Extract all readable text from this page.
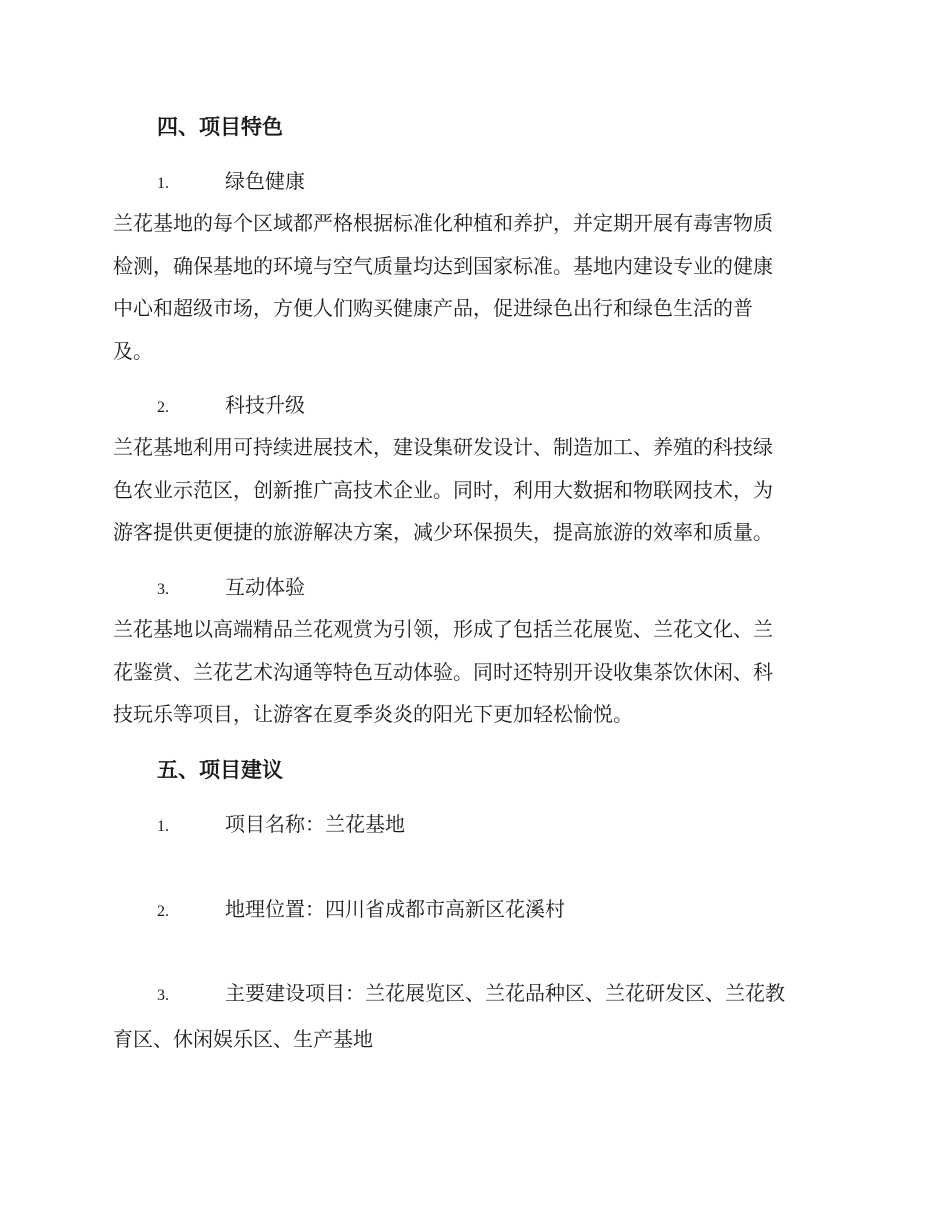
四、项目特色
1.	绿色健康
兰花基地的每个区域都严格根据标准化种植和养护，并定期开展有毒害物质
检测，确保基地的环境与空气质量均达到国家标准。基地内建设专业的健康
中心和超级市场，方便人们购买健康产品，促进绿色出行和绿色生活的普
及。
2.	科技升级
兰花基地利用可持续进展技术，建设集研发设计、制造加工、养殖的科技绿
色农业示范区，创新推广高技术企业。同时，利用大数据和物联网技术，为
游客提供更便捷的旅游解决方案，减少环保损失，提高旅游的效率和质量。
3.	互动体验
兰花基地以高端精品兰花观赏为引领，形成了包括兰花展览、兰花文化、兰
花鉴赏、兰花艺术沟通等特色互动体验。同时还特别开设收集茶饮休闲、科
技玩乐等项目，让游客在夏季炎炎的阳光下更加轻松愉悦。
五、项目建议
1.	项目名称：兰花基地
2.	地理位置：四川省成都市高新区花溪村
3.	主要建设项目：兰花展览区、兰花品种区、兰花研发区、兰花教
育区、休闲娱乐区、生产基地
